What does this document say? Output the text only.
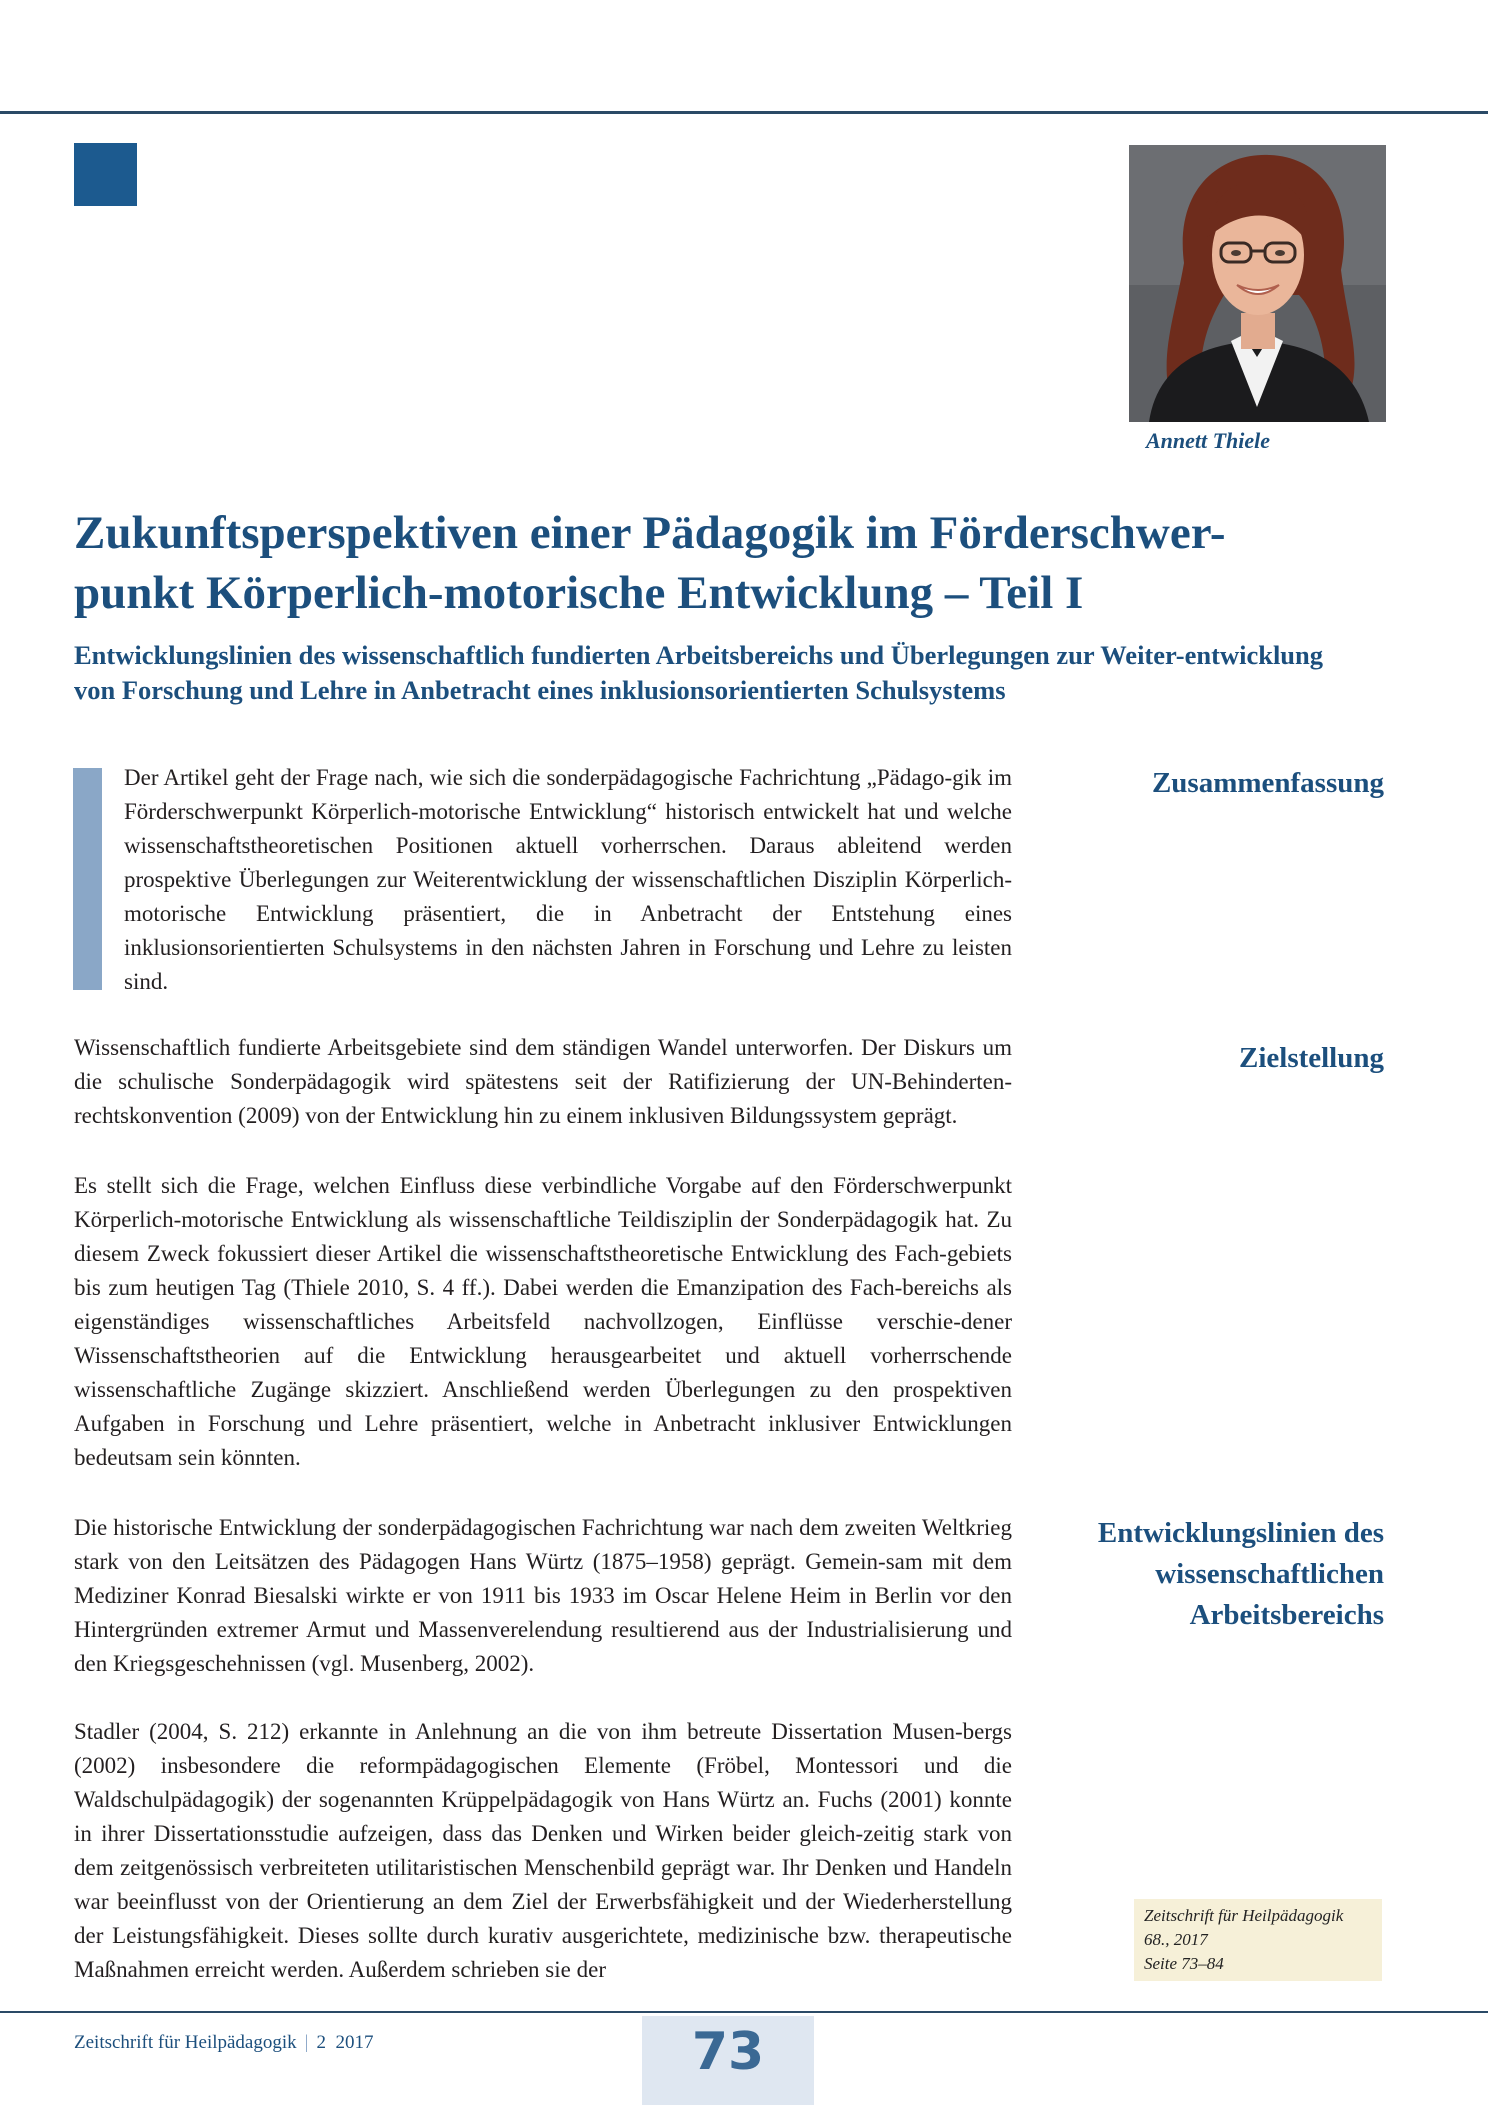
Annett Thiele
Zukunftsperspektiven einer Pädagogik im Förderschwer-punkt Körperlich-motorische Entwicklung – Teil I
Entwicklungslinien des wissenschaftlich fundierten Arbeitsbereichs und Überlegungen zur Weiter-entwicklung von Forschung und Lehre in Anbetracht eines inklusionsorientierten Schulsystems

Der Artikel geht der Frage nach, wie sich die sonderpädagogische Fachrichtung „Pädago-gik im Förderschwerpunkt Körperlich-motorische Entwicklung“ historisch entwickelt hat und welche wissenschaftstheoretischen Positionen aktuell vorherrschen. Daraus ableitend werden prospektive Überlegungen zur Weiterentwicklung der wissenschaftlichen Disziplin Körperlich-motorische Entwicklung präsentiert, die in Anbetracht der Entstehung eines inklusionsorientierten Schulsystems in den nächsten Jahren in Forschung und Lehre zu leisten sind.

Zusammenfassung
Zielstellung
Entwicklungslinien des wissenschaftlichen Arbeitsbereichs

Wissenschaftlich fundierte Arbeitsgebiete sind dem ständigen Wandel unterworfen. Der Diskurs um die schulische Sonderpädagogik wird spätestens seit der Ratifizierung der UN-Behinderten-rechtskonvention (2009) von der Entwicklung hin zu einem inklusiven Bildungssystem geprägt.

Es stellt sich die Frage, welchen Einfluss diese verbindliche Vorgabe auf den Förderschwerpunkt Körperlich-motorische Entwicklung als wissenschaftliche Teildisziplin der Sonderpädagogik hat. Zu diesem Zweck fokussiert dieser Artikel die wissenschaftstheoretische Entwicklung des Fach-gebiets bis zum heutigen Tag (Thiele 2010, S. 4 ff.). Dabei werden die Emanzipation des Fach-bereichs als eigenständiges wissenschaftliches Arbeitsfeld nachvollzogen, Einflüsse verschie-dener Wissenschaftstheorien auf die Entwicklung herausgearbeitet und aktuell vorherrschende wissenschaftliche Zugänge skizziert. Anschließend werden Überlegungen zu den prospektiven Aufgaben in Forschung und Lehre präsentiert, welche in Anbetracht inklusiver Entwicklungen bedeutsam sein könnten.

Die historische Entwicklung der sonderpädagogischen Fachrichtung war nach dem zweiten Weltkrieg stark von den Leitsätzen des Pädagogen Hans Würtz (1875–1958) geprägt. Gemein-sam mit dem Mediziner Konrad Biesalski wirkte er von 1911 bis 1933 im Oscar Helene Heim in Berlin vor den Hintergründen extremer Armut und Massenverelendung resultierend aus der Industrialisierung und den Kriegsgeschehnissen (vgl. Musenberg, 2002).

Stadler (2004, S. 212) erkannte in Anlehnung an die von ihm betreute Dissertation Musen-bergs (2002) insbesondere die reformpädagogischen Elemente (Fröbel, Montessori und die Waldschulpädagogik) der sogenannten Krüppelpädagogik von Hans Würtz an. Fuchs (2001) konnte in ihrer Dissertationsstudie aufzeigen, dass das Denken und Wirken beider gleich-zeitig stark von dem zeitgenössisch verbreiteten utilitaristischen Menschenbild geprägt war. Ihr Denken und Handeln war beeinflusst von der Orientierung an dem Ziel der Erwerbsfähigkeit und der Wiederherstellung der Leistungsfähigkeit. Dieses sollte durch kurativ ausgerichtete, medizinische bzw. therapeutische Maßnahmen erreicht werden. Außerdem schrieben sie der

Zeitschrift für Heilpädagogik
68., 2017
Seite 73–84
Zeitschrift für Heilpädagogik | 2 2017	73
